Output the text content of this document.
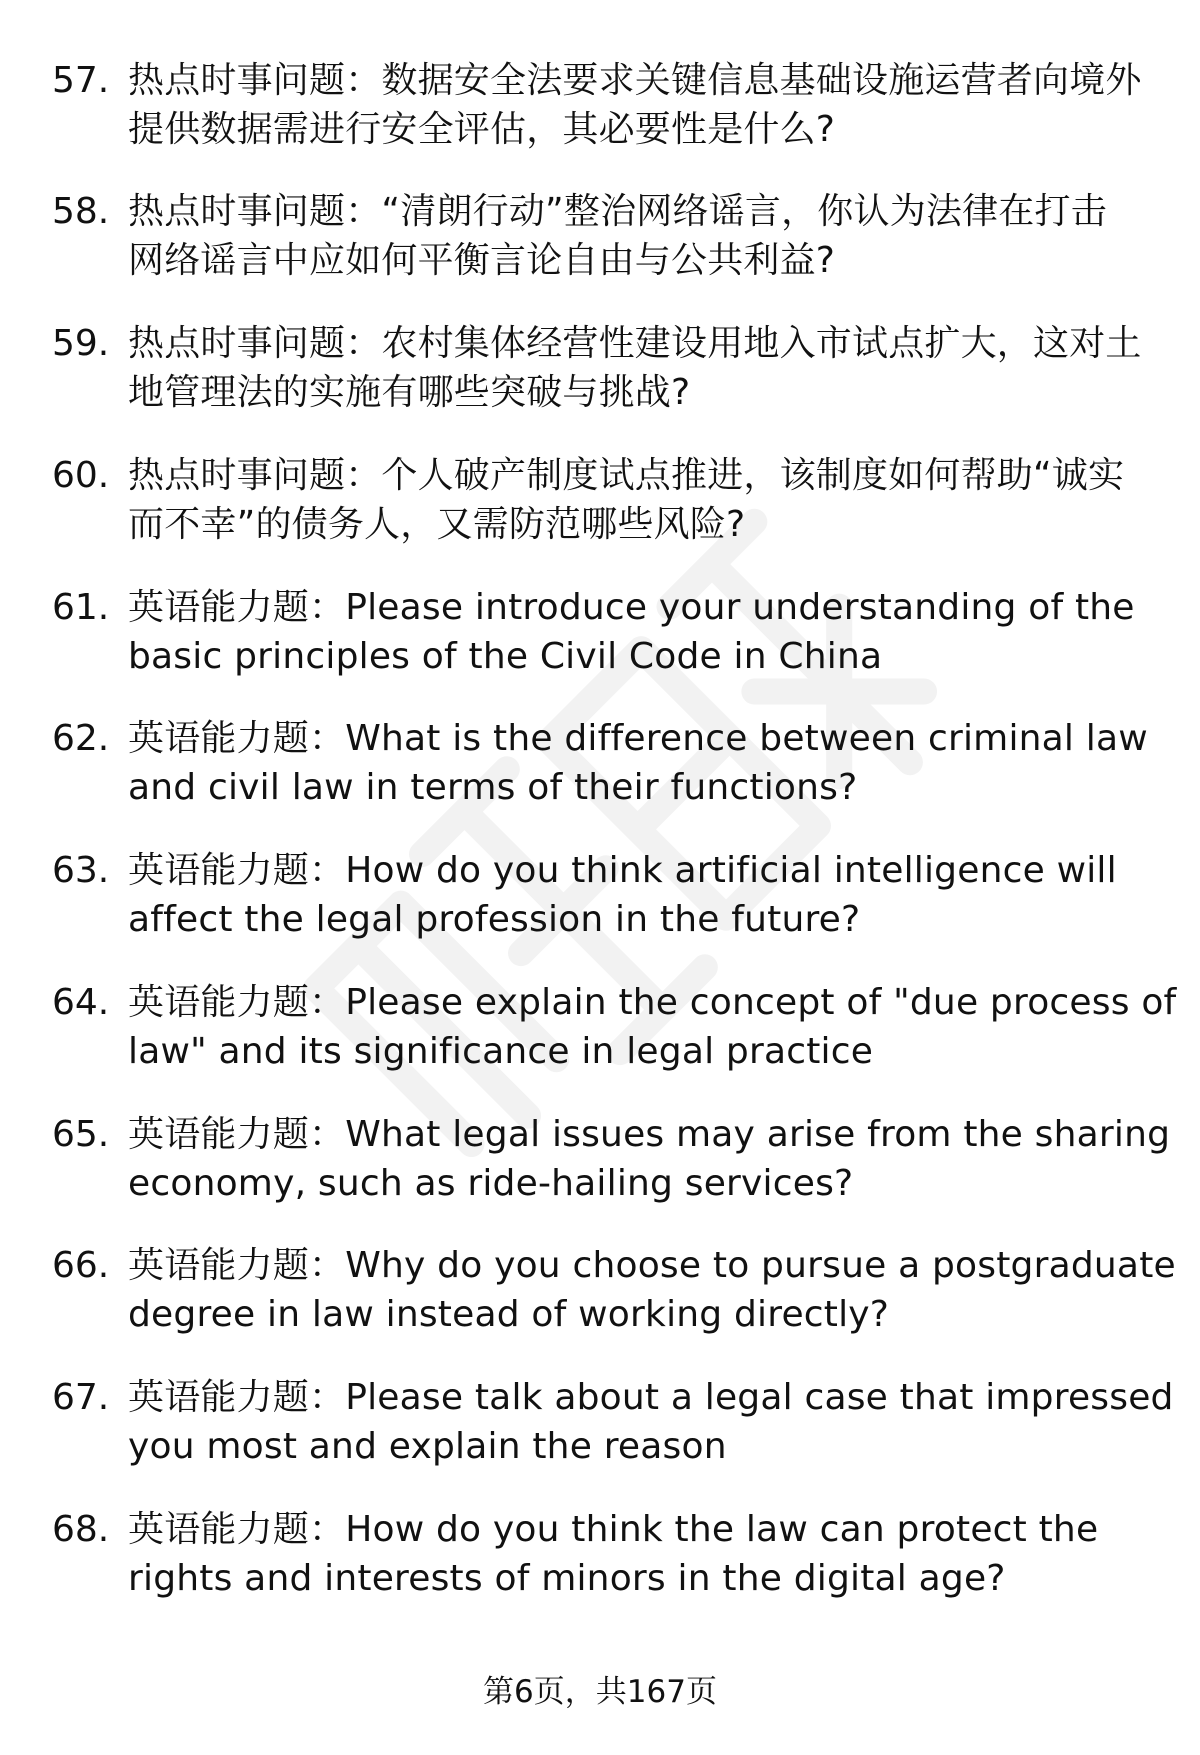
57. 热点时事问题：数据安全法要求关键信息基础设施运营者向境外
提供数据需进行安全评估，其必要性是什么?
58. 热点时事问题：“清朗行动”整治网络谣言，你认为法律在打击
网络谣言中应如何平衡言论自由与公共利益?
59. 热点时事问题：农村集体经营性建设用地入市试点扩大，这对土
地管理法的实施有哪些突破与挑战?
60. 热点时事问题：个人破产制度试点推进，该制度如何帮助“诚实
而不幸”的债务人，又需防范哪些风险?
61. 英语能力题：Please introduce your understanding of the
basic principles of the Civil Code in China
62. 英语能力题：What is the difference between criminal law
and civil law in terms of their functions?
63. 英语能力题：How do you think artificial intelligence will
affect the legal profession in the future?
64. 英语能力题：Please explain the concept of "due process of
law" and its significance in legal practice
65. 英语能力题：What legal issues may arise from the sharing
economy, such as ride-hailing services?
66. 英语能力题：Why do you choose to pursue a postgraduate
degree in law instead of working directly?
67. 英语能力题：Please talk about a legal case that impressed
you most and explain the reason
68. 英语能力题：How do you think the law can protect the
rights and interests of minors in the digital age?
第6页，共167页
